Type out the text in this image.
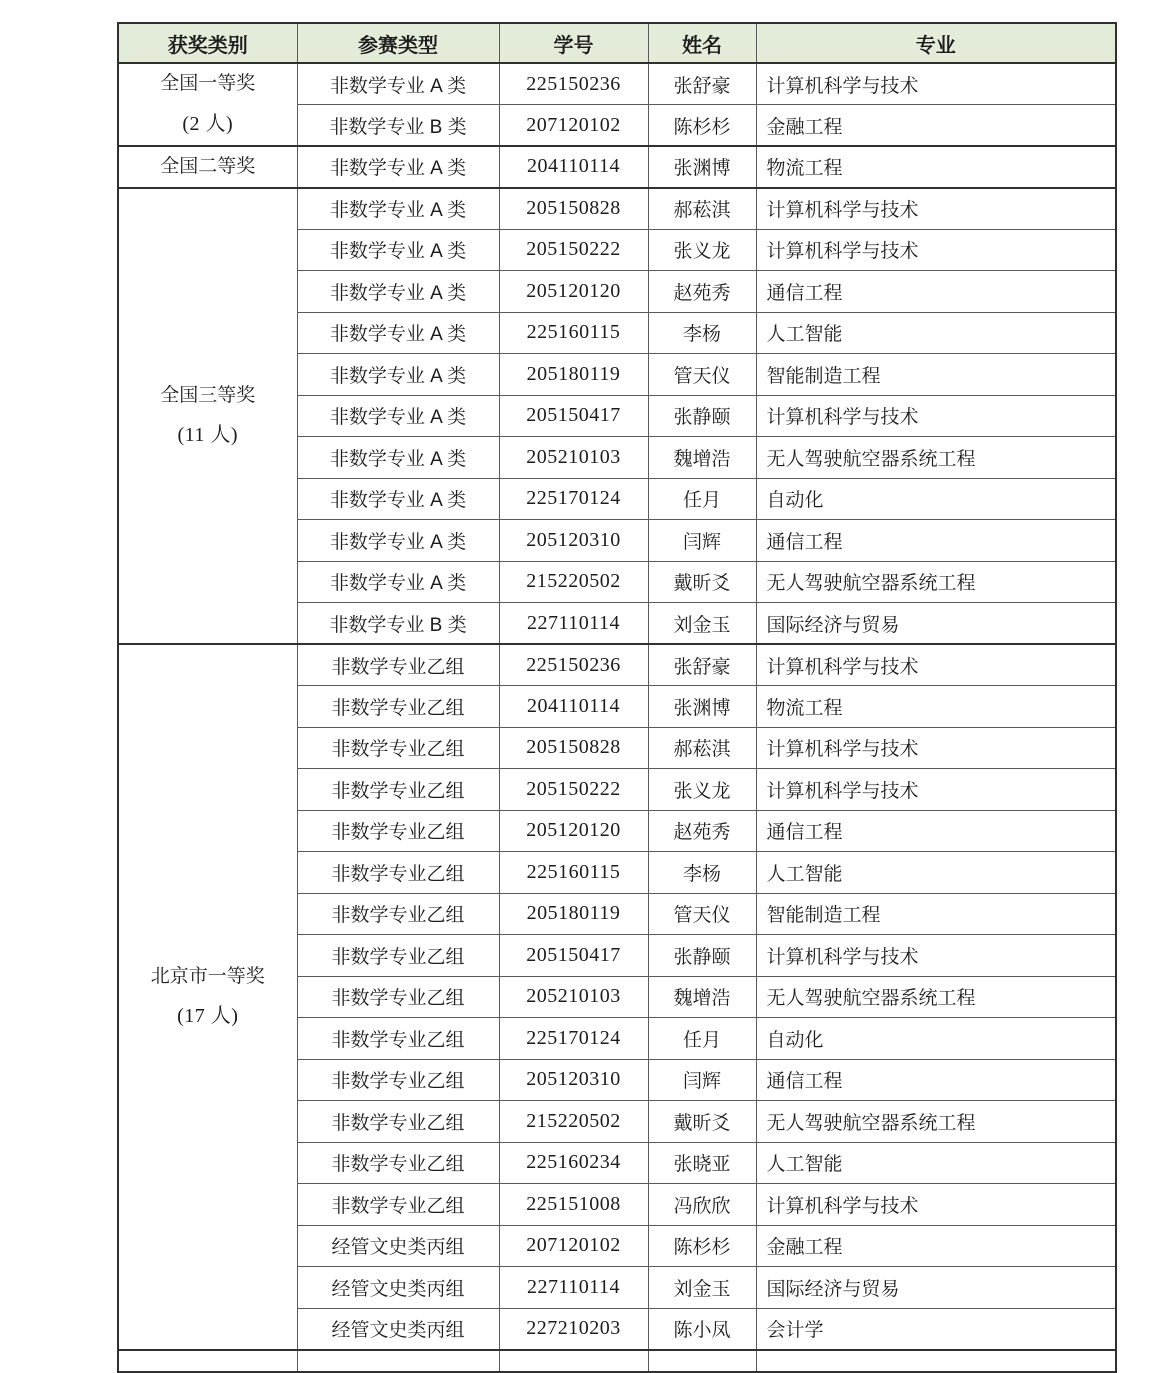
获奖类别	参赛类型	学号	姓名	专业

全国一等奖
(2 人)	非数学专业 A 类	225150236	张舒豪	计算机科学与技术
	非数学专业 B 类	207120102	陈杉杉	金融工程

全国二等奖	非数学专业 A 类	204110114	张渊博	物流工程

全国三等奖
(11 人)	非数学专业 A 类	205150828	郝菘淇	计算机科学与技术
	非数学专业 A 类	205150222	张义龙	计算机科学与技术
	非数学专业 A 类	205120120	赵苑秀	通信工程
	非数学专业 A 类	225160115	李杨	人工智能
	非数学专业 A 类	205180119	管天仪	智能制造工程
	非数学专业 A 类	205150417	张静颐	计算机科学与技术
	非数学专业 A 类	205210103	魏增浩	无人驾驶航空器系统工程
	非数学专业 A 类	225170124	任月	自动化
	非数学专业 A 类	205120310	闫辉	通信工程
	非数学专业 A 类	215220502	戴昕爻	无人驾驶航空器系统工程
	非数学专业 B 类	227110114	刘金玉	国际经济与贸易

北京市一等奖
(17 人)	非数学专业乙组	225150236	张舒豪	计算机科学与技术
	非数学专业乙组	204110114	张渊博	物流工程
	非数学专业乙组	205150828	郝菘淇	计算机科学与技术
	非数学专业乙组	205150222	张义龙	计算机科学与技术
	非数学专业乙组	205120120	赵苑秀	通信工程
	非数学专业乙组	225160115	李杨	人工智能
	非数学专业乙组	205180119	管天仪	智能制造工程
	非数学专业乙组	205150417	张静颐	计算机科学与技术
	非数学专业乙组	205210103	魏增浩	无人驾驶航空器系统工程
	非数学专业乙组	225170124	任月	自动化
	非数学专业乙组	205120310	闫辉	通信工程
	非数学专业乙组	215220502	戴昕爻	无人驾驶航空器系统工程
	非数学专业乙组	225160234	张晓亚	人工智能
	非数学专业乙组	225151008	冯欣欣	计算机科学与技术
	经管文史类丙组	207120102	陈杉杉	金融工程
	经管文史类丙组	227110114	刘金玉	国际经济与贸易
	经管文史类丙组	227210203	陈小凤	会计学
